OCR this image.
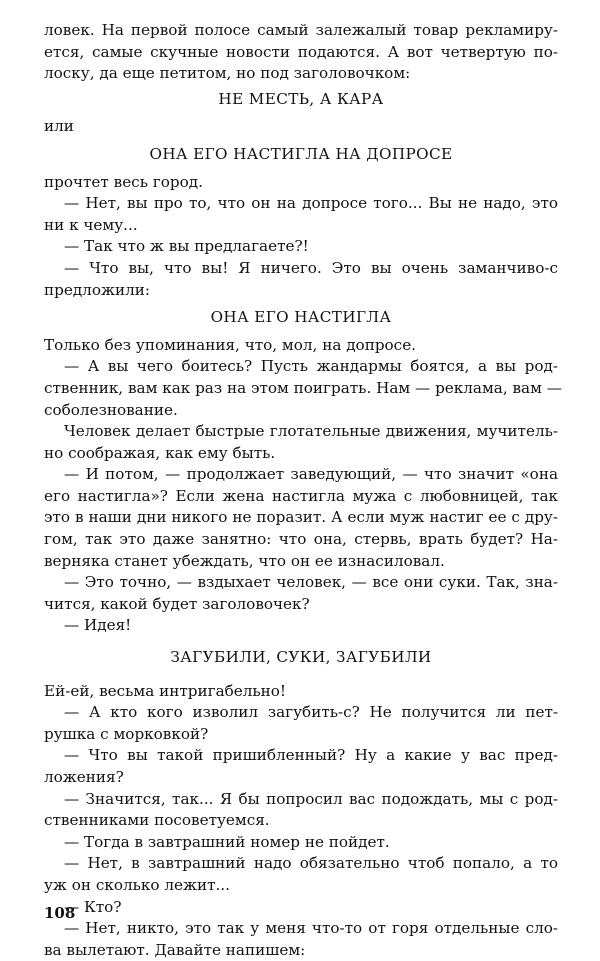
ловек. На первой полосе самый залежалый товар рекламиру-
ется, самые скучные новости подаются. А вот четвертую по-
лоску, да еще петитом, но под заголовочком:
НЕ МЕСТЬ, А КАРА
или
ОНА ЕГО НАСТИГЛА НА ДОПРОСЕ
прочтет весь город.
— Нет, вы про то, что он на допросе того... Вы не надо, это
ни к чему...
— Так что ж вы предлагаете?!
— Что вы, что вы! Я ничего. Это вы очень заманчиво-с
предложили:
ОНА ЕГО НАСТИГЛА
Только без упоминания, что, мол, на допросе.
— А вы чего боитесь? Пусть жандармы боятся, а вы род-
ственник, вам как раз на этом поиграть. Нам — реклама, вам —
соболезнование.
Человек делает быстрые глотательные движения, мучитель-
но соображая, как ему быть.
— И потом, — продолжает заведующий, — что значит «она
его настигла»? Если жена настигла мужа с любовницей, так
это в наши дни никого не поразит. А если муж настиг ее с дру-
гом, так это даже занятно: что она, стервь, врать будет? На-
верняка станет убеждать, что он ее изнасиловал.
— Это точно, — вздыхает человек, — все они суки. Так, зна-
чится, какой будет заголовочек?
— Идея!
ЗАГУБИЛИ, СУКИ, ЗАГУБИЛИ
Ей-ей, весьма интригабельно!
— А кто кого изволил загубить-с? Не получится ли пет-
рушка с морковкой?
— Что вы такой пришибленный? Ну а какие у вас пред-
ложения?
— Значится, так... Я бы попросил вас подождать, мы с род-
ственниками посоветуемся.
— Тогда в завтрашний номер не пойдет.
— Нет, в завтрашний надо обязательно чтоб попало, а то
уж он сколько лежит...
— Кто?
— Нет, никто, это так у меня что-то от горя отдельные сло-
ва вылетают. Давайте напишем:
108
